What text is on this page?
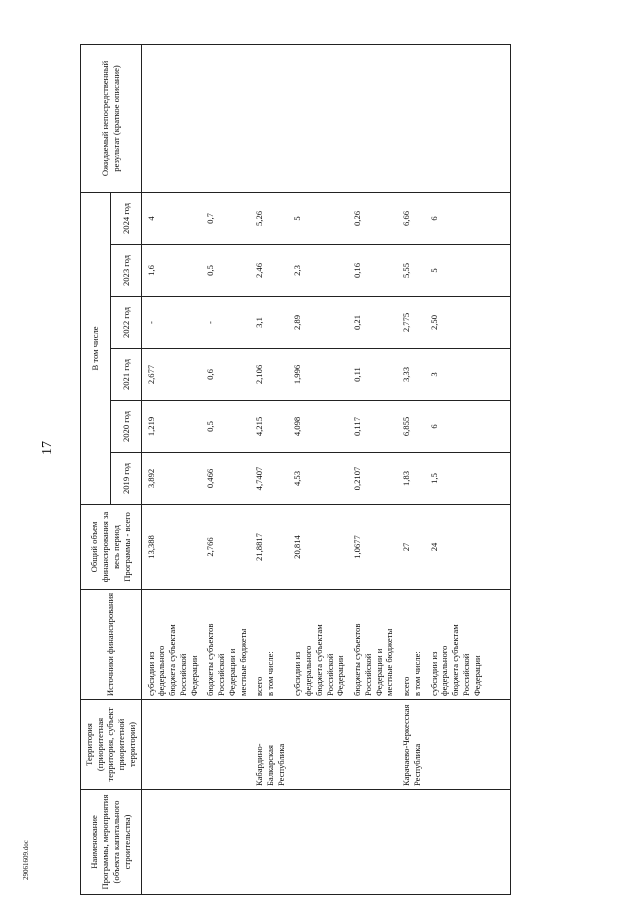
17
29061609.doc	Наименование Программы, мероприятия (объекта капитального строительства)	Территория (приоритетная территория, субъект приоритетной территории)	Источники финансирования	Общий объем финансирования за весь период Программы - всего	В том числе						Ожидаемый непосредственный результат (краткое описание)
				2019 год	2020 год	2021 год	2022 год	2023 год	2024 год	

		субсидии из федерального бюджета субъектам Российской Федерации	13,388	3,892	1,219	2,677	-	1,6	4	

		бюджеты субъектов Российской Федерации и местные бюджеты	2,766	0,466	0,5	0,6	-	0,5	0,7	
	Кабардино-Балкарская Республика	всего в том числе:	21,8817	4,7407	4,215	2,106	3,1	2,46	5,26	

		субсидии из федерального бюджета субъектам Российской Федерации	20,814	4,53	4,098	1,996	2,89	2,3	5	

		бюджеты субъектов Российской Федерации и местные бюджеты	1,0677	0,2107	0,117	0,11	0,21	0,16	0,26	
	Карачаево-Черкесская Республика	всего в том числе:	27	1,83	6,855	3,33	2,775	5,55	6,66	

		субсидии из федерального бюджета субъектам Российской Федерации	24	1,5	6	3	2,50	5	6	
